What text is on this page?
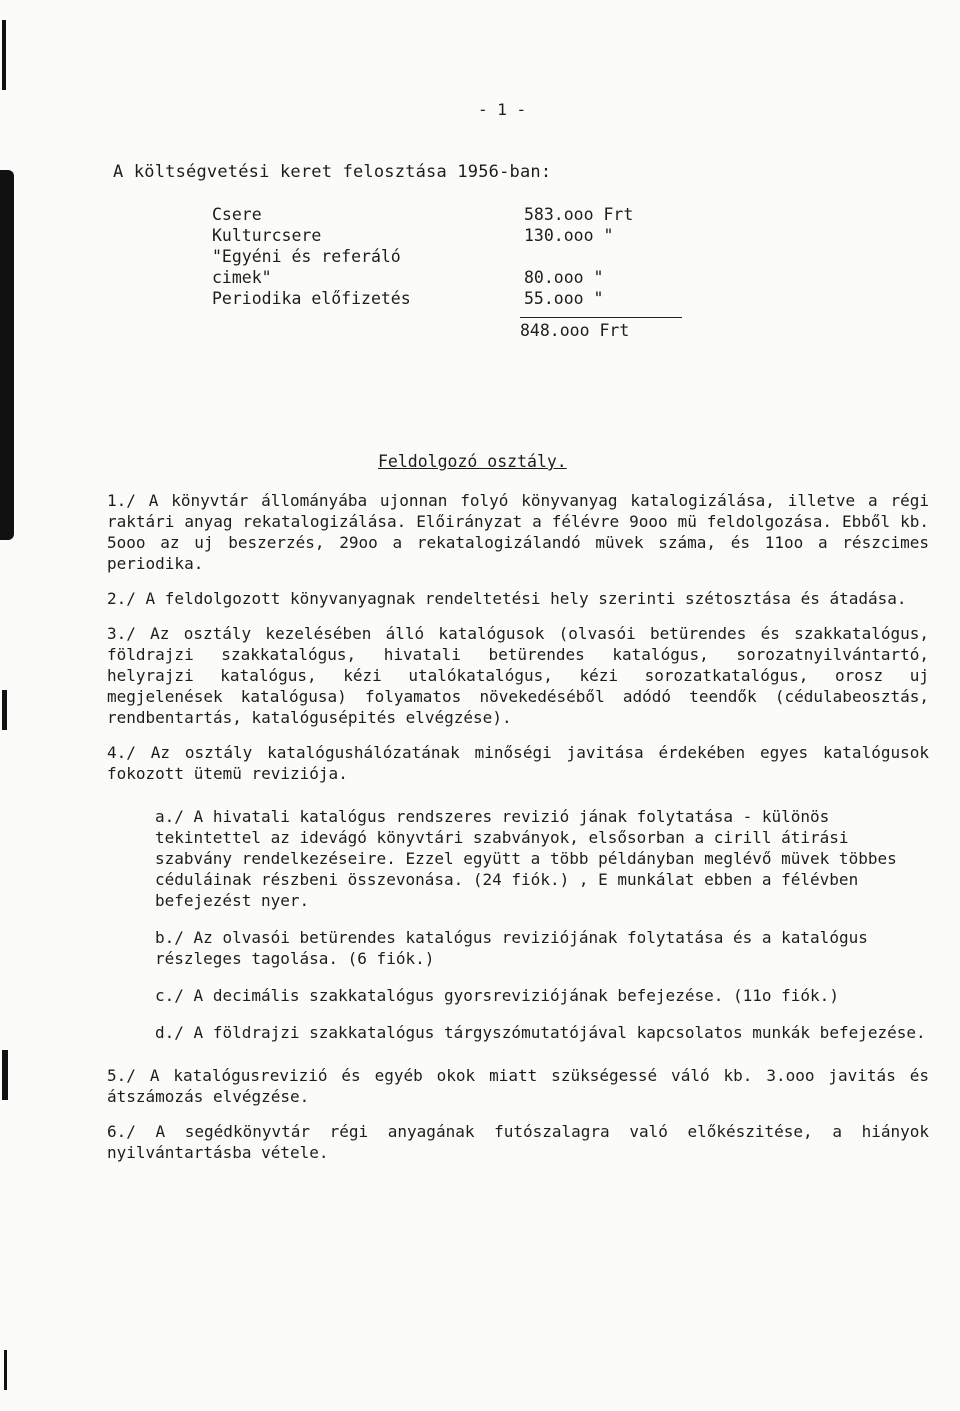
- 1 -
A költségvetési keret felosztása 1956-ban:
Csere	583.ooo Frt
Kulturcsere	130.ooo "
"Egyéni és referáló
cimek"	80.ooo "
Periodika előfizetés	55.ooo "
848.ooo Frt
Feldolgozó osztály.

1./ A könyvtár állományába ujonnan folyó könyvanyag katalogizálása, illetve a régi raktári anyag rekatalogizálása. Előirányzat a félévre 9ooo mü feldolgozása. Ebből kb. 5ooo az uj beszerzés, 29oo a rekatalogizálandó müvek száma, és 11oo a részcimes periodika.

2./ A feldolgozott könyvanyagnak rendeltetési hely szerinti szétosztása és átadása.

3./ Az osztály kezelésében álló katalógusok (olvasói betürendes és szakkatalógus, földrajzi szakkatalógus, hivatali betürendes katalógus, sorozatnyilvántartó, helyrajzi katalógus, kézi utalókatalógus, kézi sorozatkatalógus, orosz uj megjelenések katalógusa) folyamatos növekedéséből adódó teendők (cédulabeosztás, rendbentartás, katalógusépités elvégzése).

4./ Az osztály katalógushálózatának minőségi javitása érdekében egyes katalógusok fokozott ütemü reviziója.

a./ A hivatali katalógus rendszeres revizió jának folytatása - különös tekintettel az idevágó könyvtári szabványok, elsősorban a cirill átirási szabvány rendelkezéseire. Ezzel együtt a több példányban meglévő müvek többes céduláinak részbeni összevonása. (24 fiók.) , E munkálat ebben a félévben befejezést nyer.

b./ Az olvasói betürendes katalógus reviziójának folytatása és a katalógus részleges tagolása. (6 fiók.)

c./ A decimális szakkatalógus gyorsreviziójának befejezése. (11o fiók.)

d./ A földrajzi szakkatalógus tárgyszómutatójával kapcsolatos munkák befejezése.

5./ A katalógusrevizió és egyéb okok miatt szükségessé váló kb. 3.ooo javitás és átszámozás elvégzése.

6./ A segédkönyvtár régi anyagának futószalagra való előkészitése, a hiányok nyilvántartásba vétele.
